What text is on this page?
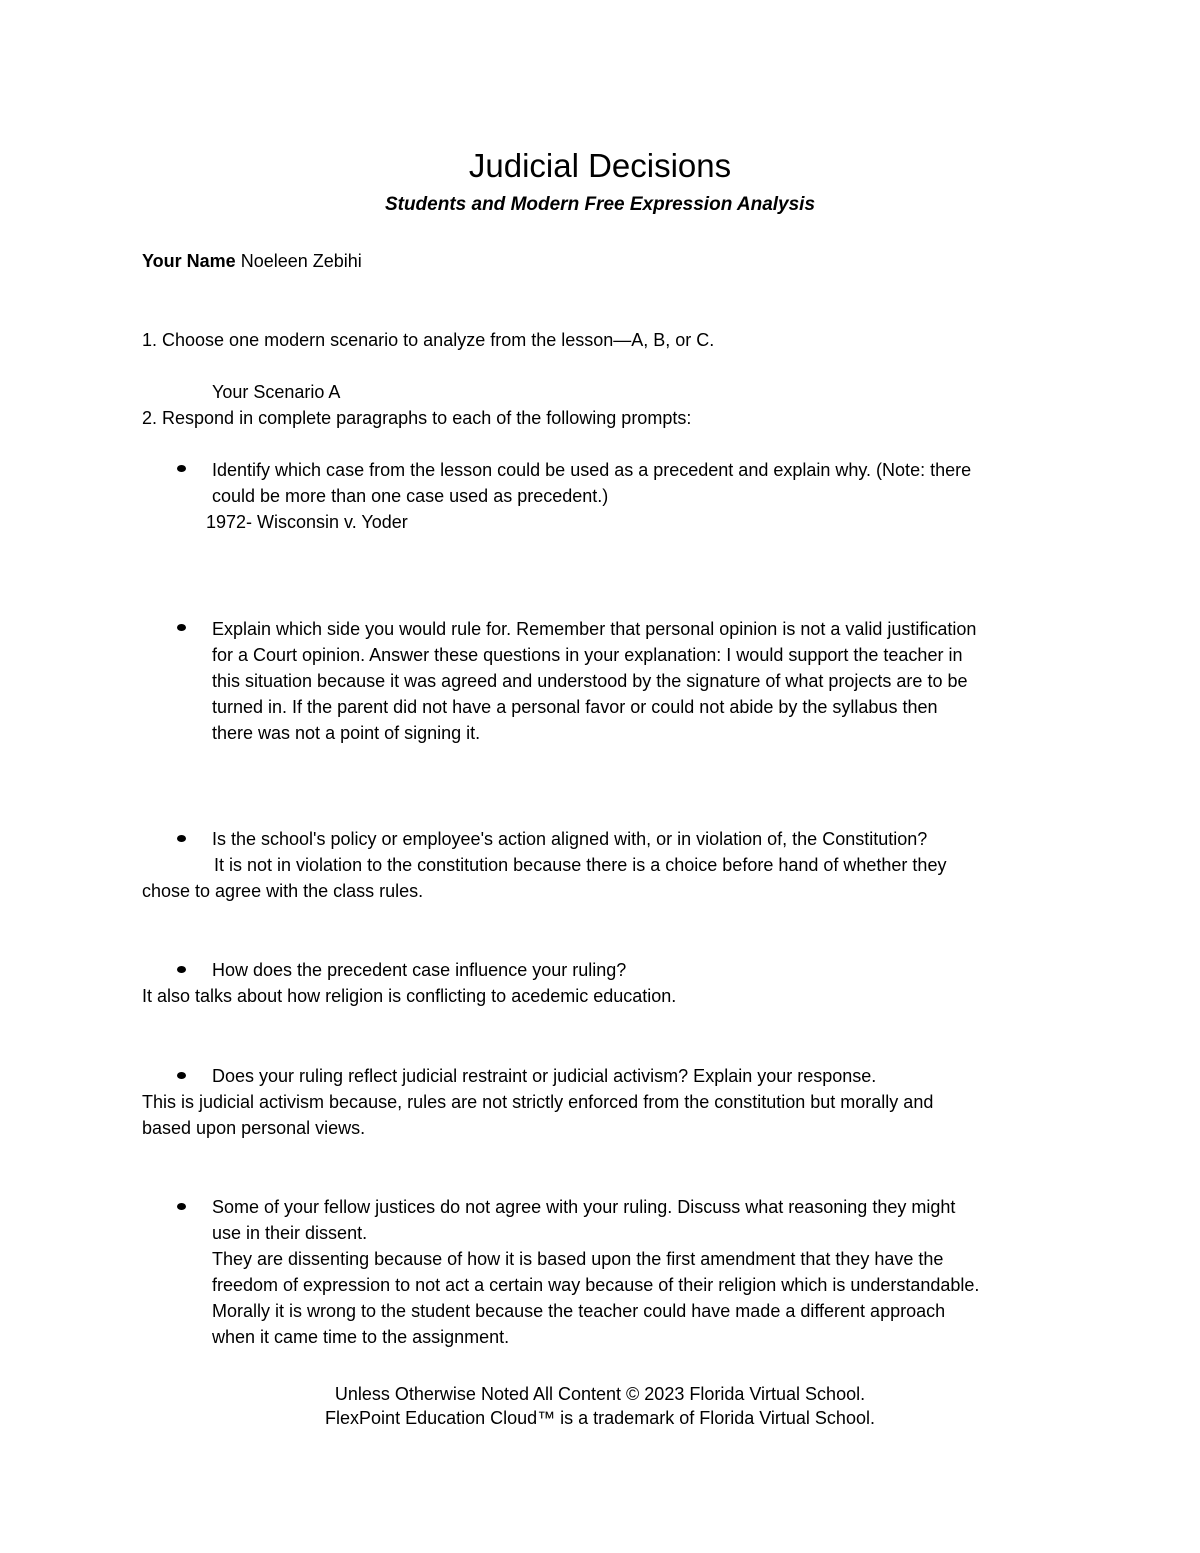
Judicial Decisions
Students and Modern Free Expression Analysis
Your Name Noeleen Zebihi
1. Choose one modern scenario to analyze from the lesson—A, B, or C.
Your Scenario A
2. Respond in complete paragraphs to each of the following prompts:
Identify which case from the lesson could be used as a precedent and explain why. (Note: there
could be more than one case used as precedent.)
1972- Wisconsin v. Yoder
Explain which side you would rule for. Remember that personal opinion is not a valid justification
for a Court opinion. Answer these questions in your explanation: I would support the teacher in
this situation because it was agreed and understood by the signature of what projects are to be
turned in. If the parent did not have a personal favor or could not abide by the syllabus then
there was not a point of signing it.
Is the school's policy or employee's action aligned with, or in violation of, the Constitution?
It is not in violation to the constitution because there is a choice before hand of whether they
chose to agree with the class rules.
How does the precedent case influence your ruling?
It also talks about how religion is conflicting to acedemic education.
Does your ruling reflect judicial restraint or judicial activism? Explain your response.
This is judicial activism because, rules are not strictly enforced from the constitution but morally and
based upon personal views.
Some of your fellow justices do not agree with your ruling. Discuss what reasoning they might
use in their dissent.
They are dissenting because of how it is based upon the first amendment that they have the
freedom of expression to not act a certain way because of their religion which is understandable.
Morally it is wrong to the student because the teacher could have made a different approach
when it came time to the assignment.
Unless Otherwise Noted All Content © 2023 Florida Virtual School.
FlexPoint Education Cloud™ is a trademark of Florida Virtual School.
